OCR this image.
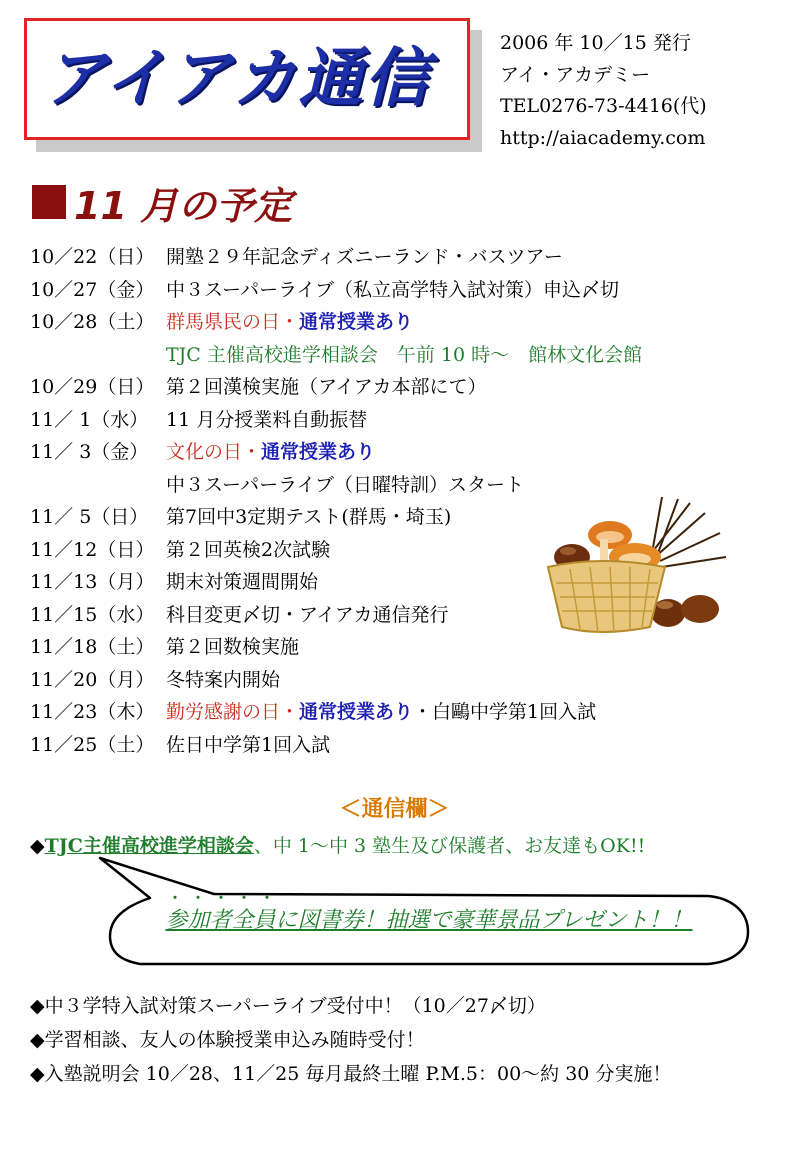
アイアカ通信	2006 年 10／15 発行
アイ・アカデミー
TEL0276-73-4416(代)
http://aiacademy.com
11 月の予定
10／22（日） 開塾２９年記念ディズニーランド・バスツアー
10／27（金） 中３スーパーライブ（私立高学特入試対策）申込〆切
10／28（土） 群馬県民の日・通常授業あり
TJC 主催高校進学相談会　午前 10 時～　館林文化会館
10／29（日） 第２回漢検実施（アイアカ本部にて）
11／ 1（水） 11 月分授業料自動振替
11／ 3（金） 文化の日・通常授業あり
中３スーパーライブ（日曜特訓）スタート
11／ 5（日） 第7回中3定期テスト(群馬・埼玉)
11／12（日） 第２回英検2次試験
11／13（月） 期末対策週間開始
11／15（水） 科目変更〆切・アイアカ通信発行
11／18（土） 第２回数検実施
11／20（月） 冬特案内開始
11／23（木） 勤労感謝の日・通常授業あり・白鷗中学第1回入試
11／25（土） 佐日中学第1回入試
＜通信欄＞
◆TJC主催高校進学相談会、中 1～中 3 塾生及び保護者、お友達もOK!!
・・・・・
参加者全員に図書券！抽選で豪華景品プレゼント！！
◆中３学特入試対策スーパーライブ受付中！（10／27〆切）
◆学習相談、友人の体験授業申込み随時受付！
◆入塾説明会 10／28、11／25 毎月最終土曜 P.M.5：00～約 30 分実施！
